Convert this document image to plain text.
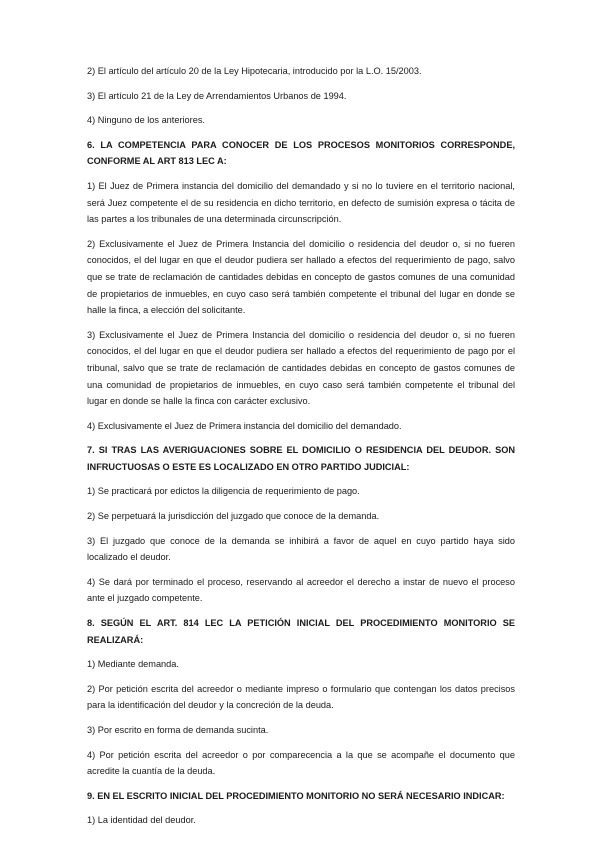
2) El artículo del artículo 20 de la Ley Hipotecaria, introducido por la L.O. 15/2003.

3) El artículo 21 de la Ley de Arrendamientos Urbanos de 1994.

4) Ninguno de los anteriores.

6. LA COMPETENCIA PARA CONOCER DE LOS PROCESOS MONITORIOS CORRESPONDE, CONFORME AL ART 813 LEC A:

1) El Juez de Primera instancia del domicilio del demandado y si no lo tuviere en el territorio nacional, será Juez competente el de su residencia en dicho territorio, en defecto de sumisión expresa o tácita de las partes a los tribunales de una determinada circunscripción.

2) Exclusivamente el Juez de Primera Instancia del domicilio o residencia del deudor o, si no fueren conocidos, el del lugar en que el deudor pudiera ser hallado a efectos del requerimiento de pago, salvo que se trate de reclamación de cantidades debidas en concepto de gastos comunes de una comunidad de propietarios de inmuebles, en cuyo caso será también competente el tribunal del lugar en donde se halle la finca, a elección del solicitante.

3) Exclusivamente el Juez de Primera Instancia del domicilio o residencia del deudor o, si no fueren conocidos, el del lugar en que el deudor pudiera ser hallado a efectos del requerimiento de pago por el tribunal, salvo que se trate de reclamación de cantidades debidas en concepto de gastos comunes de una comunidad de propietarios de inmuebles, en cuyo caso será también competente el tribunal del lugar en donde se halle la finca con carácter exclusivo.

4) Exclusivamente el Juez de Primera instancia del domicilio del demandado.

7. SI TRAS LAS AVERIGUACIONES SOBRE EL DOMICILIO O RESIDENCIA DEL DEUDOR. SON INFRUCTUOSAS O ESTE ES LOCALIZADO EN OTRO PARTIDO JUDICIAL:

1) Se practicará por edictos la diligencia de requerimiento de pago.

2) Se perpetuará la jurisdicción del juzgado que conoce de la demanda.

3) El juzgado que conoce de la demanda se inhibirá a favor de aquel en cuyo partido haya sido localizado el deudor.

4) Se dará por terminado el proceso, reservando al acreedor el derecho a instar de nuevo el proceso ante el juzgado competente.

8. SEGÚN EL ART. 814 LEC LA PETICIÓN INICIAL DEL PROCEDIMIENTO MONITORIO SE REALIZARÁ:

1) Mediante demanda.

2) Por petición escrita del acreedor o mediante impreso o formulario que contengan los datos precisos para la identificación del deudor y la concreción de la deuda.

3) Por escrito en forma de demanda sucinta.

4) Por petición escrita del acreedor o por comparecencia a la que se acompañe el documento que acredite la cuantía de la deuda.

9. EN EL ESCRITO INICIAL DEL PROCEDIMIENTO MONITORIO NO SERÁ NECESARIO INDICAR:

1) La identidad del deudor.
